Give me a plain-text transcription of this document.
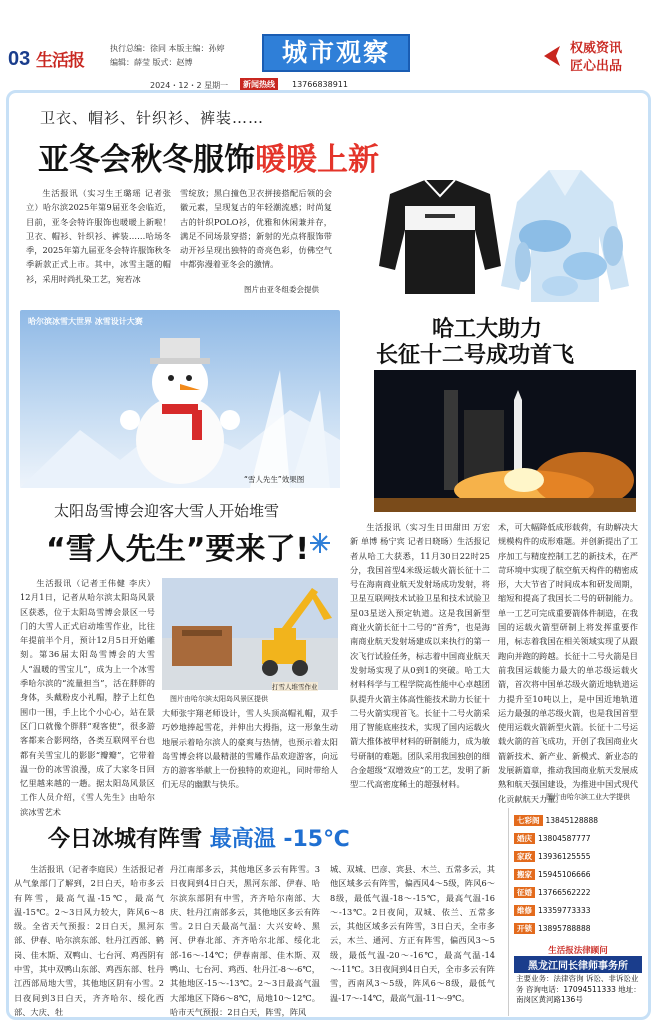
03 生活报
执行总编：徐同 本版主编：孙婷
编辑：薛莹 版式：赵博	城市观察	权威资讯
匠心出品
2024・12・2 星期一	新闻热线	13766838911
卫衣、帽衫、针织衫、裤装……
亚冬会秋冬服饰暖暖上新

生活报讯（实习生王璐瑶 记者张立）哈尔滨2025年第9届亚冬会临近，目前，亚冬会特许服饰也暖暖上新啦！卫衣、帽衫、针织衫、裤装……哈场冬季，2025年第九届亚冬会特许服饰秋冬季新款正式上市。其中，冰雪主题的帽衫，采用时尚扎染工艺，宛若冰

雪绽放；黑白撞色卫衣拼接搭配后领的会徽元素，呈现复古的年轻潮流感；时尚复古的针织POLO衫，优雅和休闲兼并存，满足不同场景穿搭；新射的光点将服饰带动开衫呈现出独特的奇亮色彩，仿佛空气中都弥漫着亚冬会的激情。

图片由亚冬组委会提供
哈尔滨冰雪大世界 冰雪设计大赛
“雪人先生”效果图
哈工大助力
长征十二号成功首飞
太阳岛雪博会迎客大雪人开始堆雪
“雪人先生”要来了!

生活报讯（记者王伟健 李庆）12月1日，记者从哈尔滨太阳岛风景区获悉，位于太阳岛雪博会景区一号门的大雪人正式启动堆雪作业，比往年提前半个月，预计12月5日开始雕刻。第36届太阳岛雪博会的大雪人“温暖的雪宝儿”，成为上一个冰雪季哈尔滨的“流量担当”，活在胖胖的身体，头戴粉皮小礼帽，脖子上红色围巾一围，手上比个小心心，站在景区门口就像个胖胖“观客使”，很多游客都来合影网络，各类互联网平台也都有关雪宝儿的影影“瓣瓣”，它带着温一份的冰雪浪漫，成了大家冬日回忆里越来越的一趟。据太阳岛风景区工作人员介绍，《雪人先生》由哈尔滨冰雪艺术

打雪人堆雪作业
图片由哈尔滨太阳岛风景区提供

大师张宇翔老师设计，雪人头顶高帽礼帽，双手巧妙地捧起雪花，并伸出大拇指，这一形象生动地展示着哈尔滨人的豪爽与热情，也预示着太阳岛雪博会将以最精湛的雪雕作品欢迎游客，向远方的游客举献上一份独特的欢迎礼，同时带给人们无尽的幽默与快乐。

生活报讯（实习生日田甜田 万宏新 单博 杨宁宾 记者日晓旸）生活报记者从哈工大获悉，11月30日22时25分，我国首型4米级运载火箭长征十二号在海南商业航天发射场成功发射，将卫星互联网技术试验卫星和技术试验卫星03星送入预定轨道。这是我国新型商业火箭长征十二号的“首秀”，也是海南商业航天发射场建成以来执行的第一次飞行试验任务，标志着中国商业航天发射场实现了从0到1的突破。哈工大材料科学与工程学院高性能中心卓越团队提升火箭主体高性能技术助力长征十二号火箭实现首飞。长征十二号火箭采用了智能底座技术，实现了国内运载火箭大推体被甲材料的研制能力，成为敏号研制的难题。团队采用我国独创的细合金超级“双增效应”的工艺，发明了新型二代高密度稀土的超强材料。

术，可大幅降低成形载荷，有助解决大规模构件的成形难题。并创新提出了工序加工与精度控制工艺的新技术，在严苛环境中实现了航空航天构件的精密成形，大大节省了时间成本和研发周期，缩短和提高了我国长二号的研制能力。单一工艺可完成重要箭体件制造，在我国的运载火箭型研制上将发挥重要作用，标志着我国在相关领域实现了从跟跑向并跑的跨越。长征十二号火箭是目前我国运载能力最大的单芯级运载火箭，首次将中国单芯级火箭近地轨道运力提升至10吨以上，是中国近地轨道运力最强的单芯级火箭，也是我国首型使用运载火箭新型火箭。长征十二号运载火箭的首飞成功，开创了我国商业火箭新技术、新产业、新模式、新业态的发展新篇章，推动我国商业航天发展成熟和航天强国建设，为推进中国式现代化贡献航天力量。

图片由哈尔滨工业大学提供
今日冰城有阵雪 最高温 -15℃

生活报讯（记者李庭民）生活报记者从气象部门了解到，2日白天，哈市多云有阵雪，最高气温-15℃，最高气温-15℃。2～3日风力较大，阵风6～8级。全省天气预报：2日白天，黑河东部、伊春、哈尔滨东部、牡丹江西部、鹤岗、佳木斯、双鸭山、七台河、鸡西阴有中雪，其中双鸭山东部、鸡西东部、牡丹江西部局地大雪，其他地区阴有小雪。2日夜间到3日白天，齐齐哈尔、绥化西部、大庆、牡

丹江南部多云，其他地区多云有阵雪。3日夜间到4日白天，黑河东部、伊春、哈尔滨东部阴有中雪，齐齐哈尔南部、大庆、牡丹江南部多云，其他地区多云有阵雪。2日白天最高气温：大兴安岭、黑河、伊春北部、齐齐哈尔北部、绥化北部-16～-14℃；伊春南部、佳木斯、双鸭山、七台河、鸡西、牡丹江-8～-6℃，其他地区-15～-13℃。2～3日最高气温大部地区下降6～8℃，局地10～12℃。哈市天气预报：2日白天，阵雪，阵风

城、双城、巴彦、宾县、木兰、五常多云，其他区域多云有阵雪，偏西风4～5级，阵风6～8级，最低气温-18～-15℃，最高气温-16～-13℃。2日夜间，双城、依兰、五常多云，其他区域多云有阵雪，3日白天，全市多云，木兰、通河、方正有阵雪，偏西风3～5级，最低气温-20～-16℃，最高气温-14～-11℃。3日夜间到4日白天，全市多云有阵雪，西南风3～5级，阵风6～8级，最低气温-17～-14℃，最高气温-11～-9℃。

七彩阁 13845128888
婚庆 13804587777
家政 13936125555
搬家 15945106666
征婚 13766562222
维修 13359773333
开锁 13895788888
生活报法律顾问
黑龙江同长律师事务所
主要业务：法律咨询 诉讼、非诉讼业务 咨询电话：17094511333 地址：南岗区黄河路136号
